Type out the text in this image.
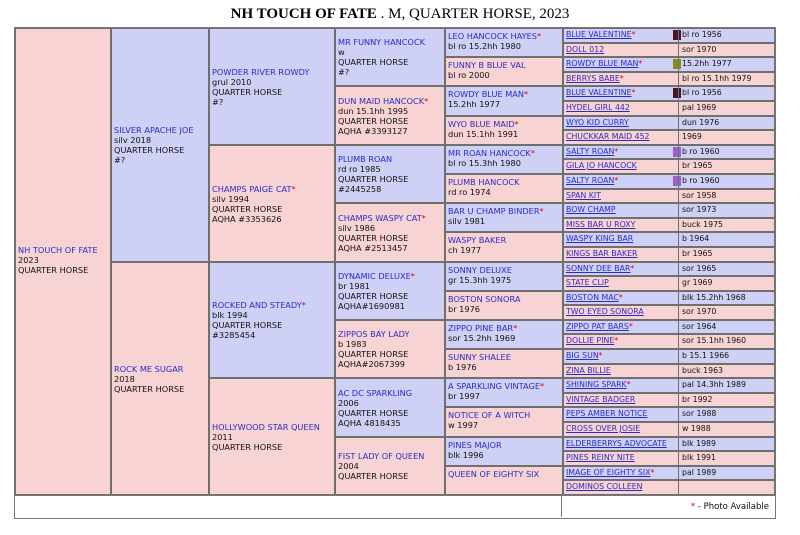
NH TOUCH OF FATE . M, QUARTER HORSE, 2023
NH TOUCH OF FATE
2023
QUARTER HORSE
SILVER APACHE JOE
silv 2018
QUARTER HORSE
#?
ROCK ME SUGAR
2018
QUARTER HORSE
POWDER RIVER ROWDY
grul 2010
QUARTER HORSE
#?
CHAMPS PAIGE CAT*
silv 1994
QUARTER HORSE
AQHA #3353626
ROCKED AND STEADY*
blk 1994
QUARTER HORSE
#3285454
HOLLYWOOD STAR QUEEN
2011
QUARTER HORSE
MR FUNNY HANCOCK
w
QUARTER HORSE
#?
DUN MAID HANCOCK*
dun 15.1hh 1995
QUARTER HORSE
AQHA #3393127
PLUMB ROAN
rd ro 1985
QUARTER HORSE
#2445258
CHAMPS WASPY CAT*
silv 1986
QUARTER HORSE
AQHA #2513457
DYNAMIC DELUXE*
br 1981
QUARTER HORSE
AQHA#1690981
ZIPPOS BAY LADY
b 1983
QUARTER HORSE
AQHA#2067399
AC DC SPARKLING
2006
QUARTER HORSE
AQHA 4818435
FIST LADY OF QUEEN
2004
QUARTER HORSE
LEO HANCOCK HAYES*
bl ro 15.2hh 1980
FUNNY B BLUE VAL
bl ro 2000
ROWDY BLUE MAN*
15.2hh 1977
WYO BLUE MAID*
dun 15.1hh 1991
MR ROAN HANCOCK*
bl ro 15.3hh 1980
PLUMB HANCOCK
rd ro 1974
BAR U CHAMP BINDER*
silv 1981
WASPY BAKER
ch 1977
SONNY DELUXE
gr 15.3hh 1975
BOSTON SONORA
br 1976
ZIPPO PINE BAR*
sor 15.2hh 1969
SUNNY SHALEE
b 1976
A SPARKLING VINTAGE*
br 1997
NOTICE OF A WITCH
w 1997
PINES MAJOR
blk 1996
QUEEN OF EIGHTY SIX
BLUE VALENTINE*	bl ro 1956
DOLL 012	sor 1970
ROWDY BLUE MAN*	15.2hh 1977
BERRYS BABE*	bl ro 15.1hh 1979
BLUE VALENTINE*	bl ro 1956
HYDEL GIRL 442	pal 1969
WYO KID CURRY	dun 1976
CHUCKKAR MAID 452	1969
SALTY ROAN*	b ro 1960
GILA JO HANCOCK	br 1965
SALTY ROAN*	b ro 1960
SPAN KIT	sor 1958
BOW CHAMP	sor 1973
MISS BAR U ROXY	buck 1975
WASPY KING BAR	b 1964
KINGS BAR BAKER	br 1965
SONNY DEE BAR*	sor 1965
STATE CLIP	gr 1969
BOSTON MAC*	blk 15.2hh 1968
TWO EYED SONORA	sor 1970
ZIPPO PAT BARS*	sor 1964
DOLLIE PINE*	sor 15.1hh 1960
BIG SUN*	b 15.1 1966
ZINA BILLIE	buck 1963
SHINING SPARK*	pal 14.3hh 1989
VINTAGE BADGER	br 1992
PEPS AMBER NOTICE	sor 1988
CROSS OVER JOSIE	w 1988
ELDERBERRYS ADVOCATE blk 1989
PINES REINY NITE	blk 1991
IMAGE OF EIGHTY SIX*	pal 1989
DOMINOS COLLEEN
* - Photo Available
